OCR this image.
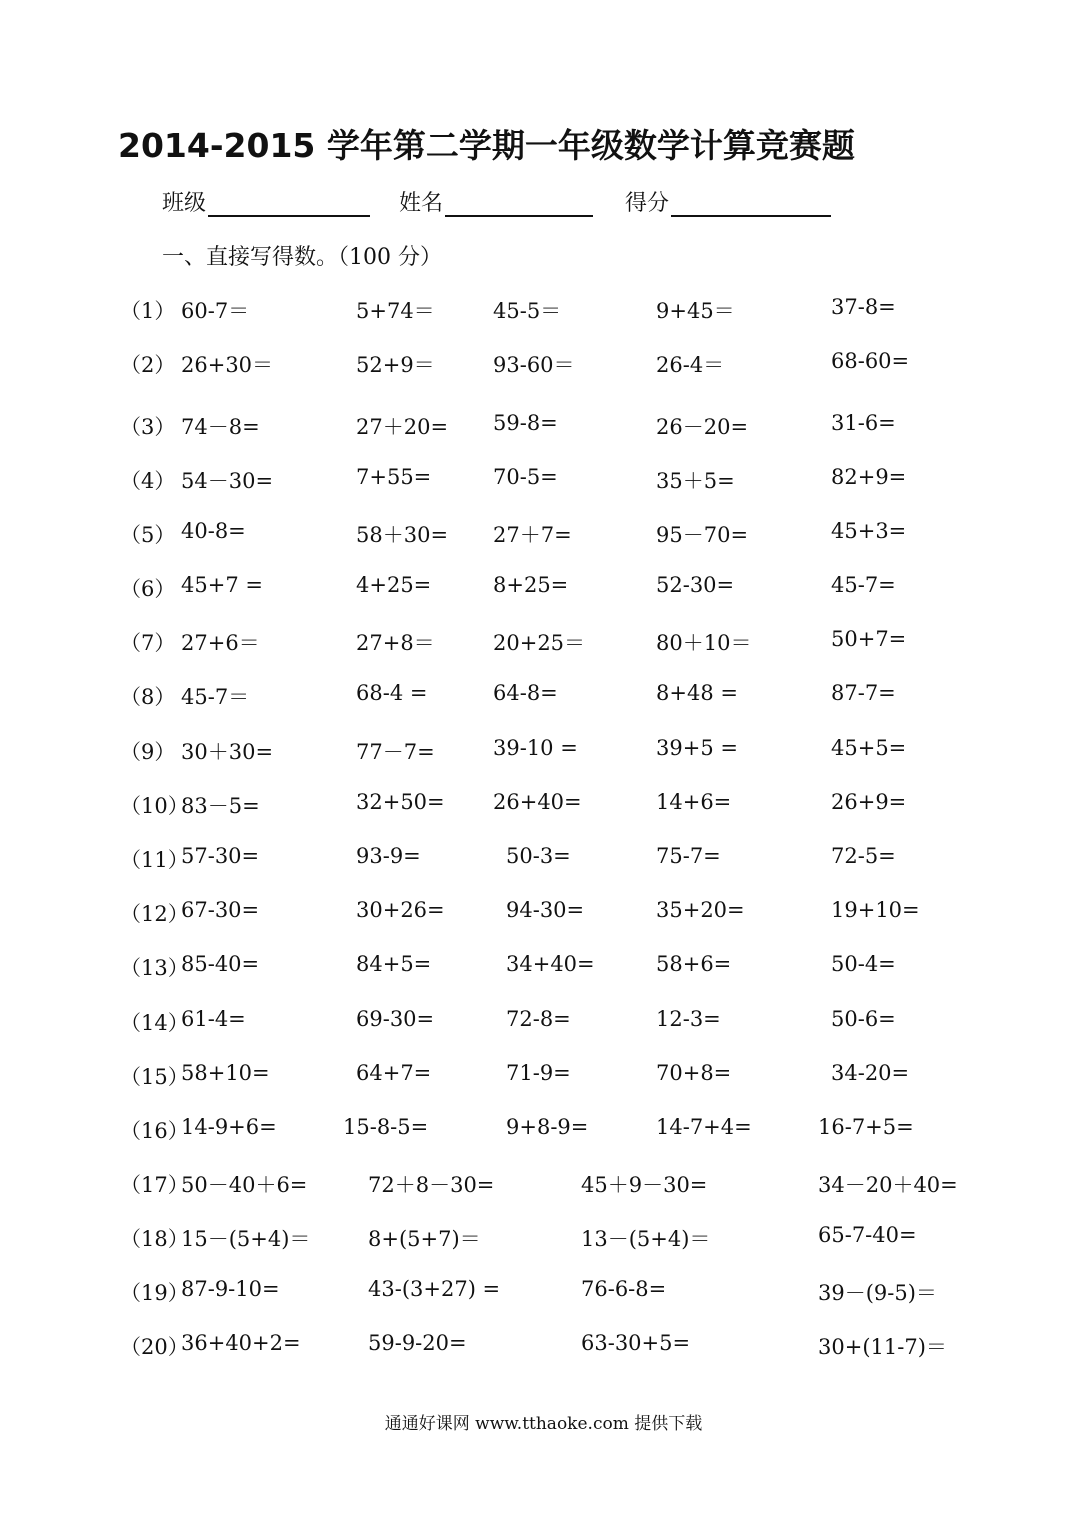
2014-2015 学年第二学期一年级数学计算竞赛题
班级	姓名	得分
一、直接写得数。（100 分）
（1） 60-7＝	5+74＝	45-5＝	9+45＝	37-8=
（2） 26+30＝	52+9＝	93-60＝	26-4＝	68-60=
（3） 74－8=	27＋20= 59-8=	26－20=	31-6=
（4） 54－30=	7+55=	70-5=	35＋5=	82+9=
（5） 40-8=	58＋30= 27＋7=	95－70=	45+3=
（6） 45+7 =	4+25=	8+25=	52-30=	45-7=
（7） 27+6＝	27+8＝	20+25＝	80＋10＝	50+7=
（8） 45-7＝	68-4 =	64-8=	8+48 =	87-7=
（9） 30＋30=	77－7=	39-10 =	39+5 =	45+5=
（10）
83－5=	32+50= 26+40=	14+6=	26+9=
（11）
57-30=	93-9=	50-3=	75-7=	72-5=
（12）
67-30=	30+26=	94-30=	35+20=	19+10=
（13）
85-40=	84+5=	34+40=	58+6=	50-4=
（14）
61-4=	69-30=	72-8=	12-3=	50-6=
（15）
58+10=	64+7=	71-9=	70+8=	34-20=
（16）
14-9+6=	15-8-5=	9+8-9=	14-7+4=	16-7+5=
（17）
50－40＋6=	72＋8－30=	45＋9－30=	34－20＋40=
（18）
15－(5+4)＝	8+(5+7)＝	13－(5+4)＝	65-7-40=
（19）
87-9-10=	43-(3+27) =	76-6-8=	39－(9-5)＝
（20）
36+40+2=	59-9-20=	63-30+5=	30+(11-7)＝
通通好课网 www.tthaoke.com 提供下载
